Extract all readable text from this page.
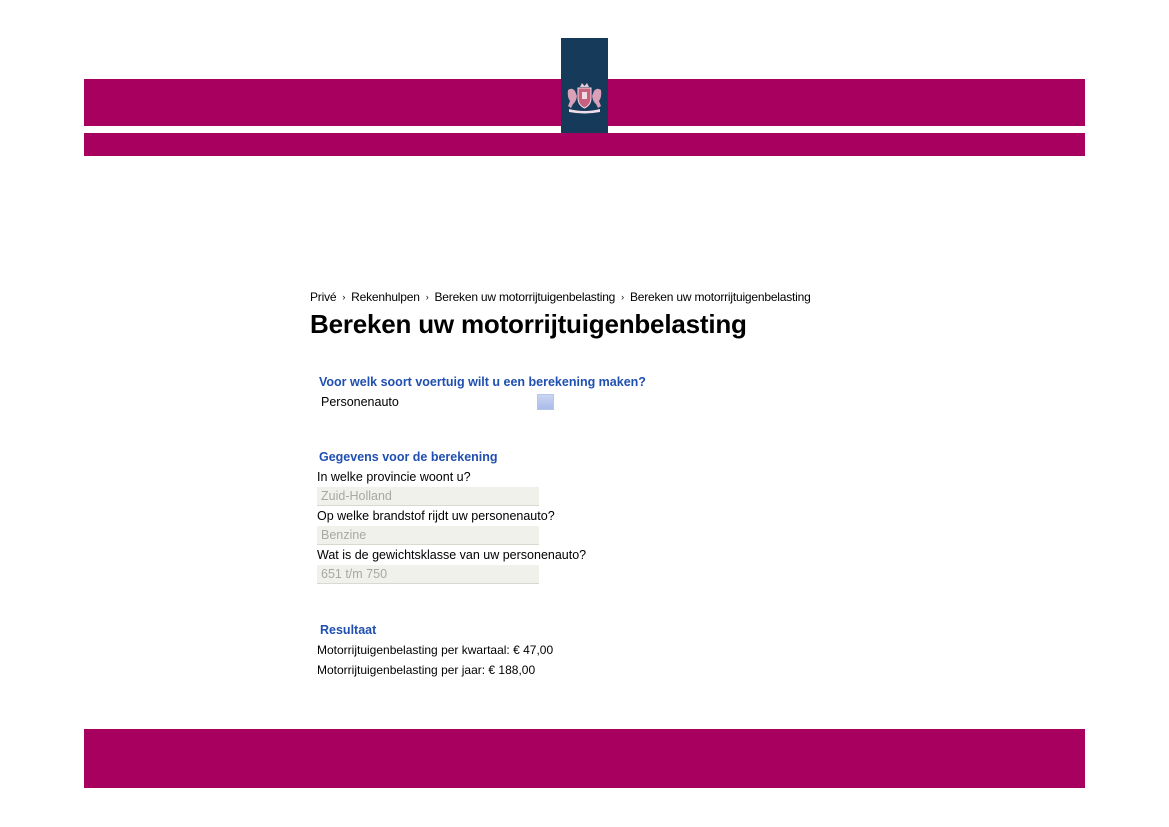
Privé › Rekenhulpen › Bereken uw motorrijtuigenbelasting › Bereken uw motorrijtuigenbelasting
Bereken uw motorrijtuigenbelasting
Voor welk soort voertuig wilt u een berekening maken?
Personenauto
Gegevens voor de berekening
In welke provincie woont u?
Zuid-Holland
Op welke brandstof rijdt uw personenauto?
Benzine
Wat is de gewichtsklasse van uw personenauto?
651 t/m 750
Resultaat
Motorrijtuigenbelasting per kwartaal: € 47,00
Motorrijtuigenbelasting per jaar: € 188,00
